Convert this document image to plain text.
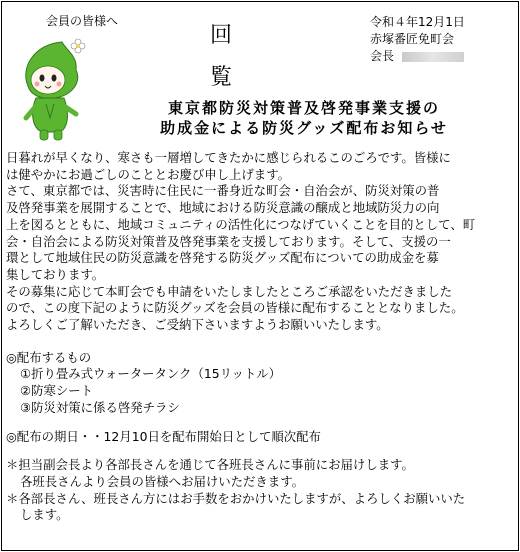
会員の皆様へ
回
覧
令和４年12月1日
赤塚番匠免町会
会長
東京都防災対策普及啓発事業支援の
助成金による防災グッズ配布お知らせ

日暮れが早くなり、寒さも一層増してきたかに感じられるこのごろです。皆様に

は健やかにお過ごしのこととお慶び申し上げます。

さて、東京都では、災害時に住民に一番身近な町会・自治会が、防災対策の普

及啓発事業を展開することで、地域における防災意識の醸成と地域防災力の向

上を図るとともに、地域コミュニティの活性化につなげていくことを目的として、町

会・自治会による防災対策普及啓発事業を支援しております。そして、支援の一

環として地域住民の防災意識を啓発する防災グッズ配布についての助成金を募

集しております。

その募集に応じて本町会でも申請をいたしましたところご承認をいただきました

ので、この度下記のように防災グッズを会員の皆様に配布することとなりました。

よろしくご了解いただき、ご受納下さいますようお願いいたします。

◎配布するもの

①折り畳み式ウォータータンク（15リットル）

②防寒シート

③防災対策に係る啓発チラシ

◎配布の期日・・12月10日を配布開始日として順次配布

＊担当副会長より各部長さんを通じて各班長さんに事前にお届けします。

各班長さんより会員の皆様へお届けいただきます。

＊各部長さん、班長さん方にはお手数をおかけいたしますが、よろしくお願いいた

します。
